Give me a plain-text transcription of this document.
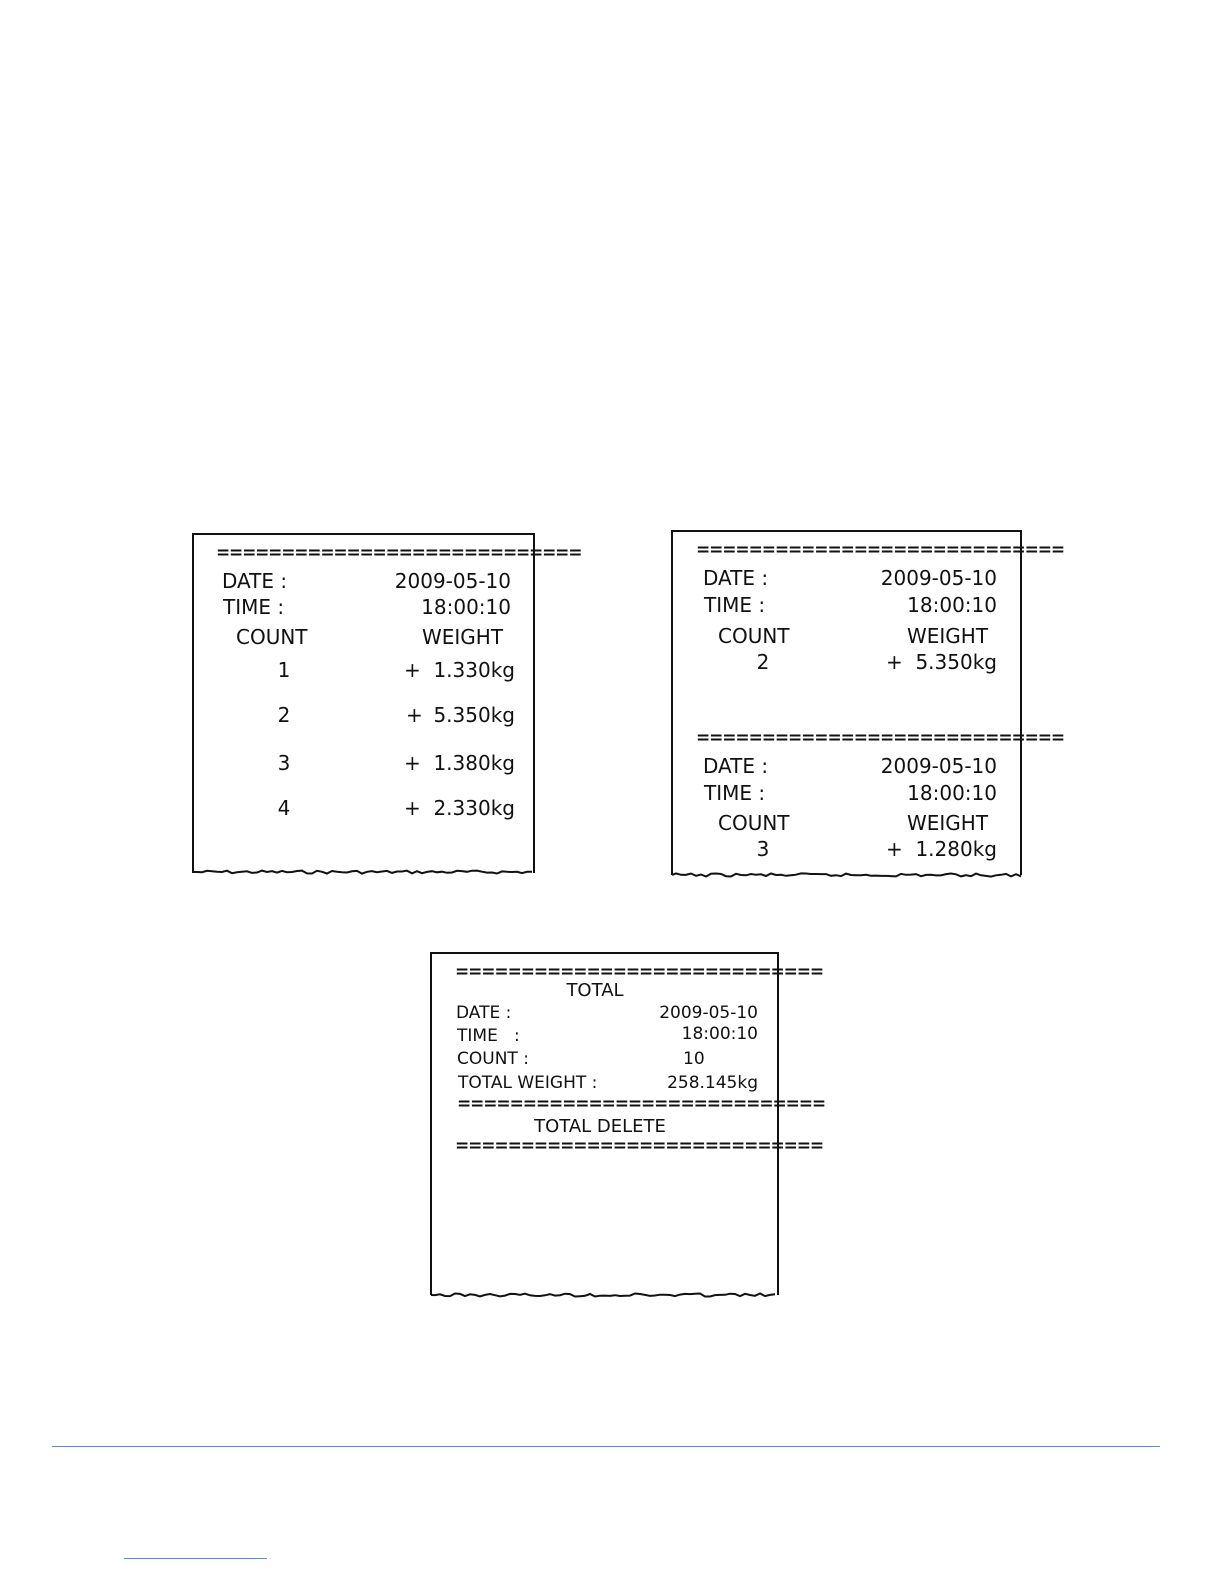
============================
DATE :	2009-05-10
TIME :	18:00:10
COUNT	WEIGHT
1	+ 1.330kg
2	+ 5.350kg
3	+ 1.380kg
4	+ 2.330kg
============================
DATE :	2009-05-10
TIME :	18:00:10
COUNT	WEIGHT
2	+ 5.350kg
============================
DATE :	2009-05-10
TIME :	18:00:10
COUNT	WEIGHT
3	+ 1.280kg
============================
TOTAL
DATE :	2009-05-10
TIME   :	18:00:10
COUNT :	10
TOTAL WEIGHT :	258.145kg
============================
TOTAL DELETE
============================
